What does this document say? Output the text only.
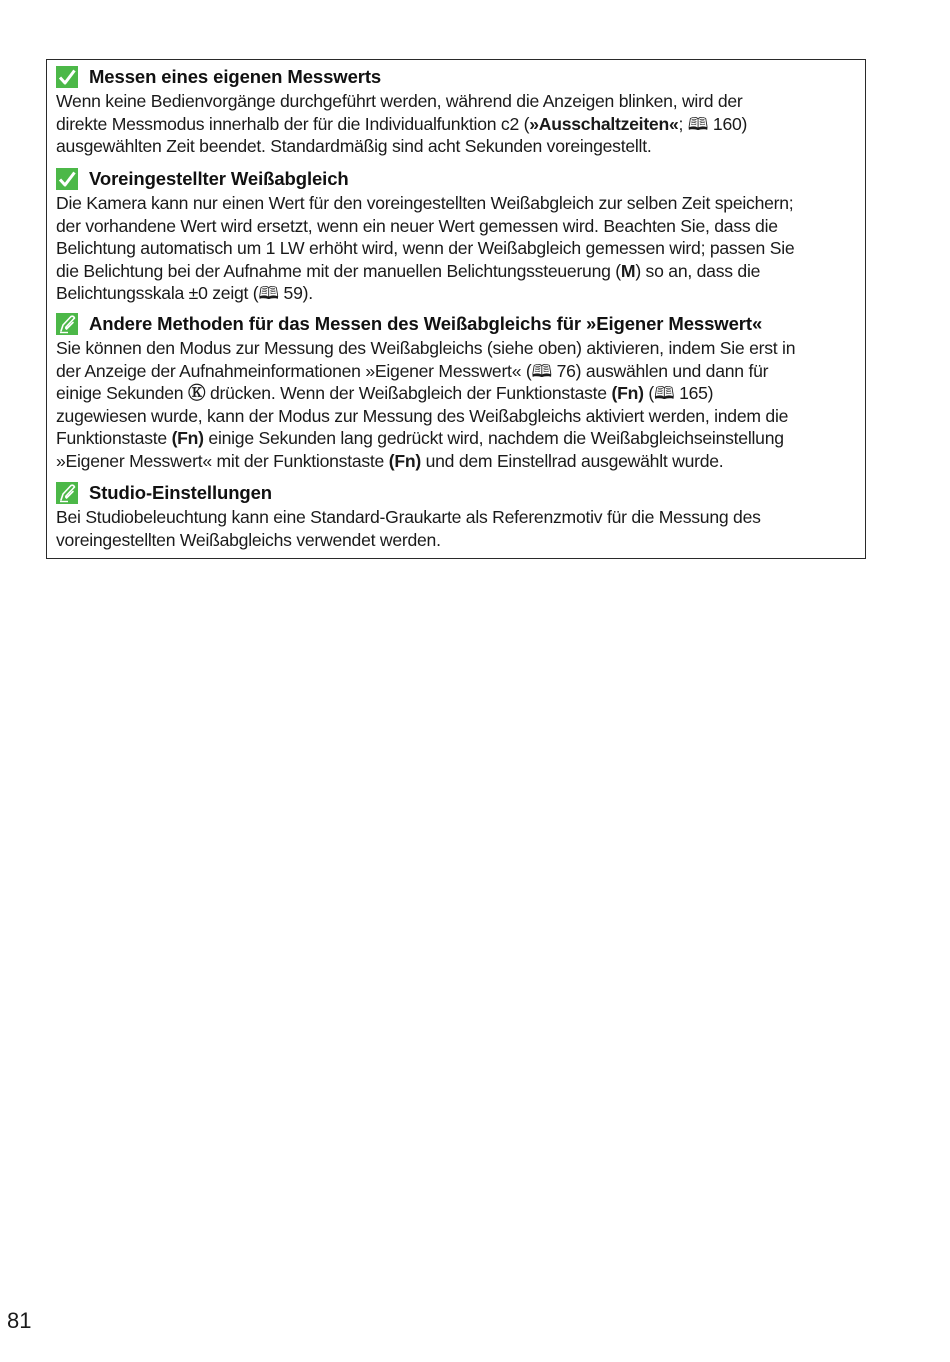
Messen eines eigenen Messwerts
Wenn keine Bedienvorgänge durchgeführt werden, während die Anzeigen blinken, wird der
direkte Messmodus innerhalb der für die Individualfunktion c2 (»Ausschaltzeiten«; 🕮 160)
ausgewählten Zeit beendet. Standardmäßig sind acht Sekunden voreingestellt.
Voreingestellter Weißabgleich
Die Kamera kann nur einen Wert für den voreingestellten Weißabgleich zur selben Zeit speichern;
der vorhandene Wert wird ersetzt, wenn ein neuer Wert gemessen wird. Beachten Sie, dass die
Belichtung automatisch um 1 LW erhöht wird, wenn der Weißabgleich gemessen wird; passen Sie
die Belichtung bei der Aufnahme mit der manuellen Belichtungssteuerung (M) so an, dass die
Belichtungsskala ±0 zeigt (🕮 59).
Andere Methoden für das Messen des Weißabgleichs für »Eigener Messwert«
Sie können den Modus zur Messung des Weißabgleichs (siehe oben) aktivieren, indem Sie erst in
der Anzeige der Aufnahmeinformationen »Eigener Messwert« (🕮 76) auswählen und dann für
einige Sekunden Ⓚ drücken. Wenn der Weißabgleich der Funktionstaste (Fn) (🕮 165)
zugewiesen wurde, kann der Modus zur Messung des Weißabgleichs aktiviert werden, indem die
Funktionstaste (Fn) einige Sekunden lang gedrückt wird, nachdem die Weißabgleichseinstellung
»Eigener Messwert« mit der Funktionstaste (Fn) und dem Einstellrad ausgewählt wurde.
Studio-Einstellungen
Bei Studiobeleuchtung kann eine Standard-Graukarte als Referenzmotiv für die Messung des
voreingestellten Weißabgleichs verwendet werden.
81
